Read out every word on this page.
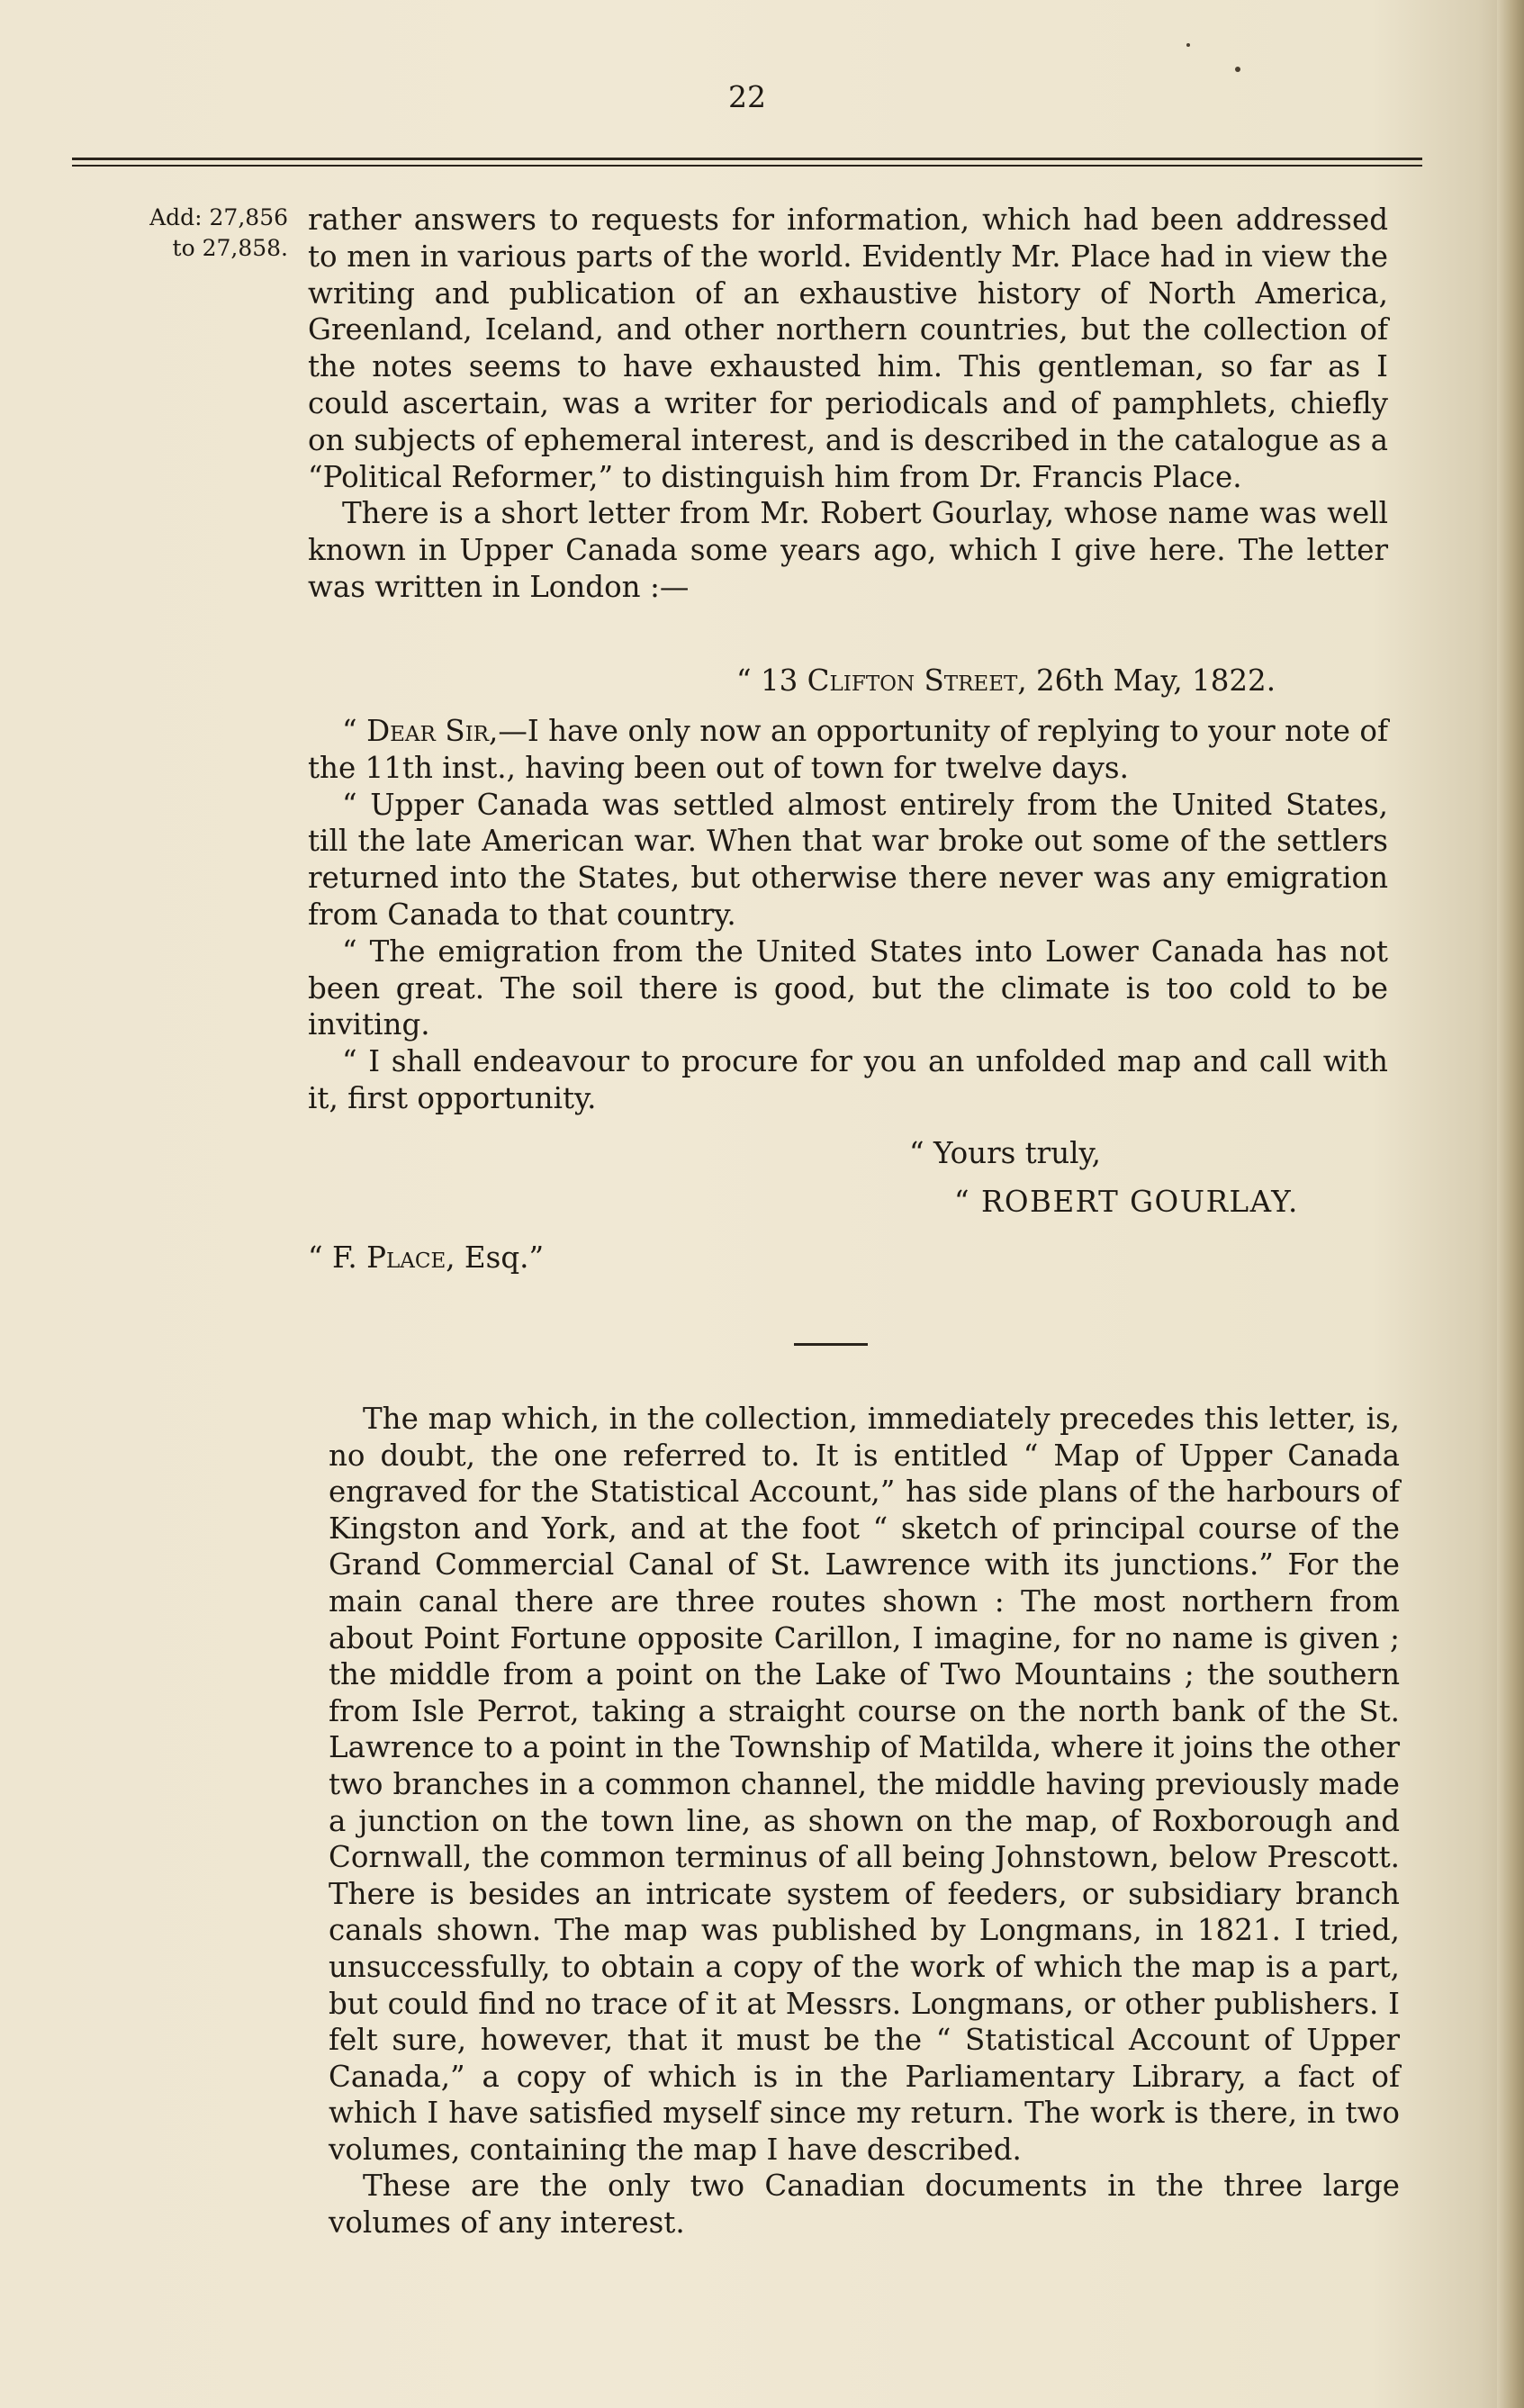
22
Add: 27,856
to 27,858.

rather answers to requests for information, which had been addressed to men in various parts of the world. Evidently Mr. Place had in view the writing and publication of an exhaustive history of North America, Greenland, Iceland, and other northern countries, but the collection of the notes seems to have exhausted him. This gentleman, so far as I could ascertain, was a writer for periodicals and of pamphlets, chiefly on subjects of ephemeral interest, and is described in the catalogue as a “Political Reformer,” to distinguish him from Dr. Francis Place.

There is a short letter from Mr. Robert Gourlay, whose name was well known in Upper Canada some years ago, which I give here. The letter was written in London :—

“ 13 Clifton Street, 26th May, 1822.

“ Dear Sir,—I have only now an opportunity of replying to your note of the 11th inst., having been out of town for twelve days.

“ Upper Canada was settled almost entirely from the United States, till the late American war. When that war broke out some of the settlers returned into the States, but otherwise there never was any emigration from Canada to that country.

“ The emigration from the United States into Lower Canada has not been great. The soil there is good, but the climate is too cold to be inviting.

“ I shall endeavour to procure for you an unfolded map and call with it, first opportunity.

“ Yours truly,
“ ROBERT GOURLAY.
“ F. Place, Esq.”

The map which, in the collection, immediately precedes this letter, is, no doubt, the one referred to. It is entitled “ Map of Upper Canada engraved for the Statistical Account,” has side plans of the harbours of Kingston and York, and at the foot “ sketch of principal course of the Grand Commercial Canal of St. Lawrence with its junctions.” For the main canal there are three routes shown : The most northern from about Point Fortune opposite Carillon, I imagine, for no name is given ; the middle from a point on the Lake of Two Mountains ; the southern from Isle Perrot, taking a straight course on the north bank of the St. Lawrence to a point in the Township of Matilda, where it joins the other two branches in a common channel, the middle having previously made a junction on the town line, as shown on the map, of Roxborough and Cornwall, the common terminus of all being Johnstown, below Prescott. There is besides an intricate system of feeders, or subsidiary branch canals shown. The map was published by Longmans, in 1821. I tried, unsuccessfully, to obtain a copy of the work of which the map is a part, but could find no trace of it at Messrs. Longmans, or other publishers. I felt sure, however, that it must be the “ Statistical Account of Upper Canada,” a copy of which is in the Parliamentary Library, a fact of which I have satisfied myself since my return. The work is there, in two volumes, containing the map I have described.

These are the only two Canadian documents in the three large volumes of any interest.
